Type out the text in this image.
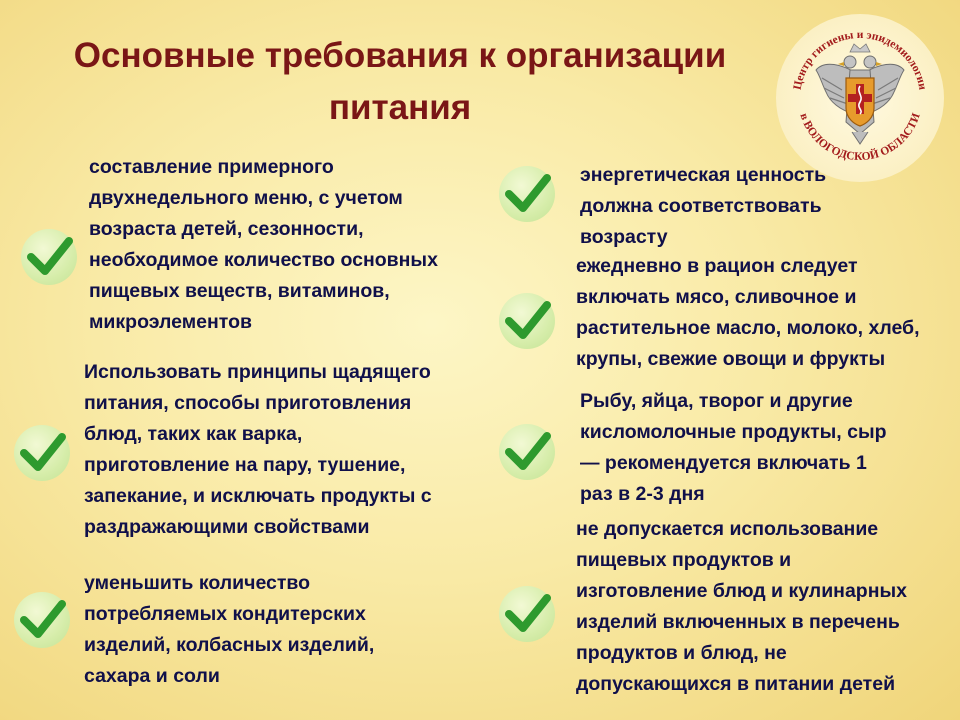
Основные требования к организации
питания
Центр гигиены и эпидемиологии
в ВОЛОГОДСКОЙ ОБЛАСТИ

составление примерного
двухнедельного меню, с учетом
возраста детей, сезонности,
необходимое количество основных
пищевых веществ, витаминов,
микроэлементов

Использовать принципы щадящего
питания, способы приготовления
блюд, таких как варка,
приготовление на пару, тушение,
запекание, и исключать продукты с
раздражающими свойствами

уменьшить количество
потребляемых кондитерских
изделий, колбасных изделий,
сахара и соли

энергетическая ценность
должна соответствовать
возрасту

ежедневно в рацион следует
включать мясо, сливочное и
растительное масло, молоко, хлеб,
крупы, свежие овощи и фрукты

Рыбу, яйца, творог и другие
кисломолочные продукты, сыр
— рекомендуется включать 1
раз в 2-3 дня

не допускается использование
пищевых продуктов и
изготовление блюд и кулинарных
изделий включенных в перечень
продуктов и блюд, не
допускающихся в питании детей
